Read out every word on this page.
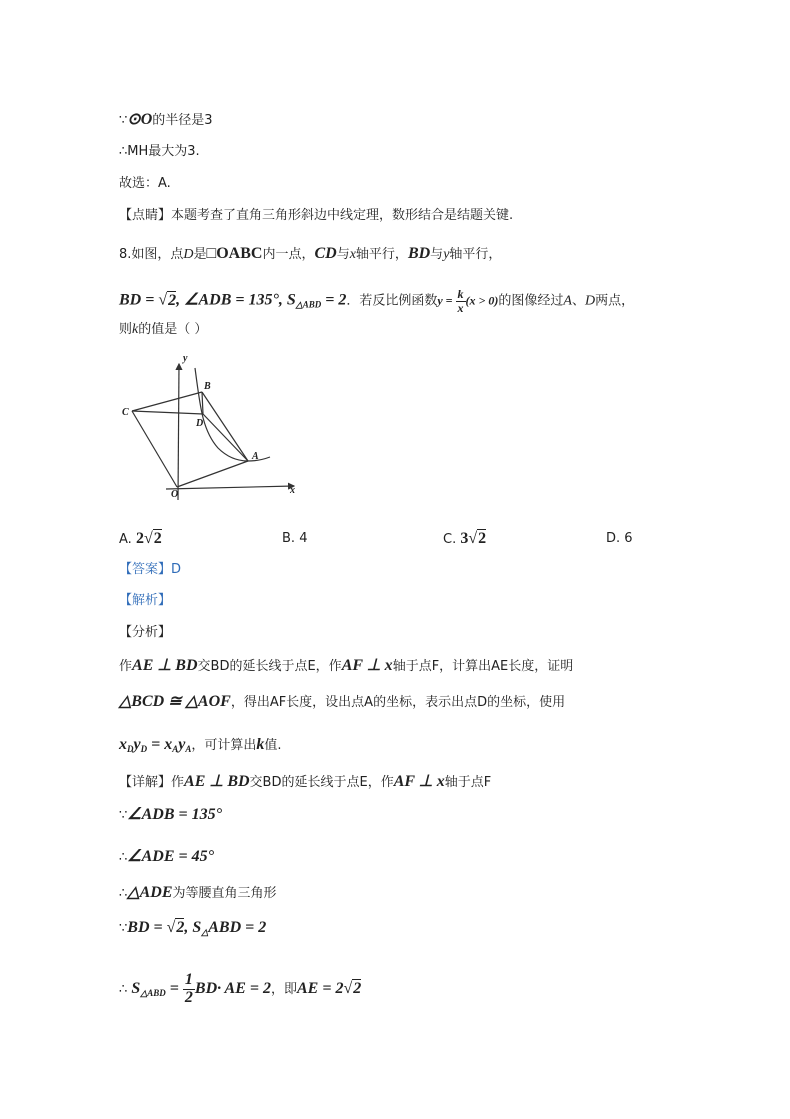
∵⊙O的半径是3
∴MH最大为3.
故选：A.
【点睛】本题考查了直角三角形斜边中线定理，数形结合是结题关键.
8.如图，点D是□OABC内一点，CD与x轴平行，BD与y轴平行，
BD = √2, ∠ADB = 135°, $S_{\triangle ABD} = 2$．若反比例函数$y = \frac{k}{x} (x > 0)$的图像经过A、D两点，
则k的值是（ ）
y
x
O
A
B
C
D
A. 2√2	B. 4	C. 3√2	D. 6
【答案】D
【解析】
【分析】
作AE ⊥ BD交BD的延长线于点E，作AF ⊥ x轴于点F，计算出AE长度，证明
△BCD ≅ △AOF，得出AF长度，设出点A的坐标，表示出点D的坐标，使用
$x_Dy_D = x_Ay_A$，可计算出k值.
【详解】作AE ⊥ BD交BD的延长线于点E，作AF ⊥ x轴于点F
∵∠ADB = 135°
∴∠ADE = 45°
∴△ADE为等腰直角三角形
∵BD = √2, $S_\triangle ABD = 2$
∴ $S_{\triangle ABD} = \frac{1}{2} BD\cdot$ AE = 2，即AE = 2√2
